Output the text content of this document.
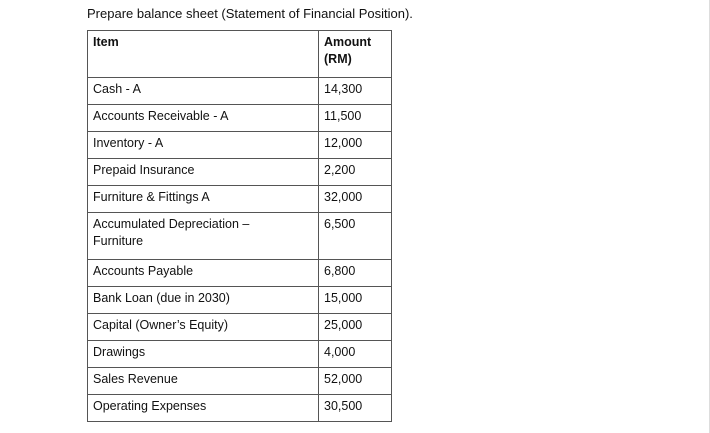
Prepare balance sheet (Statement of Financial Position).
Item	Amount
(RM)
Cash - A	14,300
Accounts Receivable - A	11,500
Inventory - A	12,000
Prepaid Insurance	2,200
Furniture & Fittings A	32,000
Accumulated Depreciation –
Furniture	6,500
Accounts Payable	6,800
Bank Loan (due in 2030)	15,000
Capital (Owner’s Equity)	25,000
Drawings	4,000
Sales Revenue	52,000
Operating Expenses	30,500
